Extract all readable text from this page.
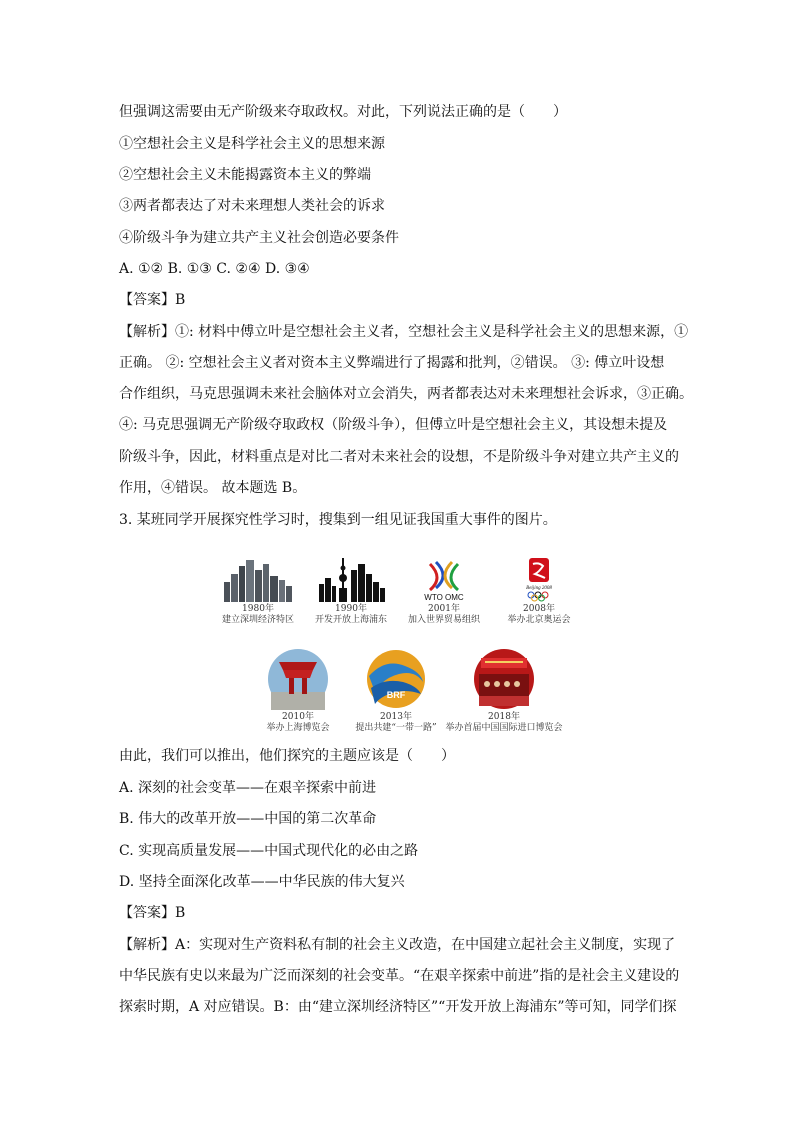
但强调这需要由无产阶级来夺取政权。对此，下列说法正确的是（　　）
①空想社会主义是科学社会主义的思想来源
②空想社会主义未能揭露资本主义的弊端
③两者都表达了对未来理想人类社会的诉求
④阶级斗争为建立共产主义社会创造必要条件
A. ①② B. ①③ C. ②④ D. ③④
【答案】B
【解析】①: 材料中傅立叶是空想社会主义者，空想社会主义是科学社会主义的思想来源，①
正确。 ②: 空想社会主义者对资本主义弊端进行了揭露和批判，②错误。 ③: 傅立叶设想
合作组织，马克思强调未来社会脑体对立会消失，两者都表达对未来理想社会诉求，③正确。
④: 马克思强调无产阶级夺取政权（阶级斗争），但傅立叶是空想社会主义，其设想未提及
阶级斗争，因此，材料重点是对比二者对未来社会的设想，不是阶级斗争对建立共产主义的
作用，④错误。 故本题选 B。
3. 某班同学开展探究性学习时，搜集到一组见证我国重大事件的图片。
1980年
建立深圳经济特区
1990年
开发开放上海浦东
WTO OMC
2001年
加入世界贸易组织
Beijing 2008
2008年
举办北京奥运会
2010年
举办上海博览会
BRF
2013年
提出共建“一带一路”
2018年
举办首届中国国际进口博览会
由此，我们可以推出，他们探究的主题应该是（　　）
A. 深刻的社会变革——在艰辛探索中前进
B. 伟大的改革开放——中国的第二次革命
C. 实现高质量发展——中国式现代化的必由之路
D. 坚持全面深化改革——中华民族的伟大复兴
【答案】B
【解析】A：实现对生产资料私有制的社会主义改造，在中国建立起社会主义制度，实现了
中华民族有史以来最为广泛而深刻的社会变革。“在艰辛探索中前进”指的是社会主义建设的
探索时期，A 对应错误。B：由“建立深圳经济特区”“开发开放上海浦东”等可知，同学们探
